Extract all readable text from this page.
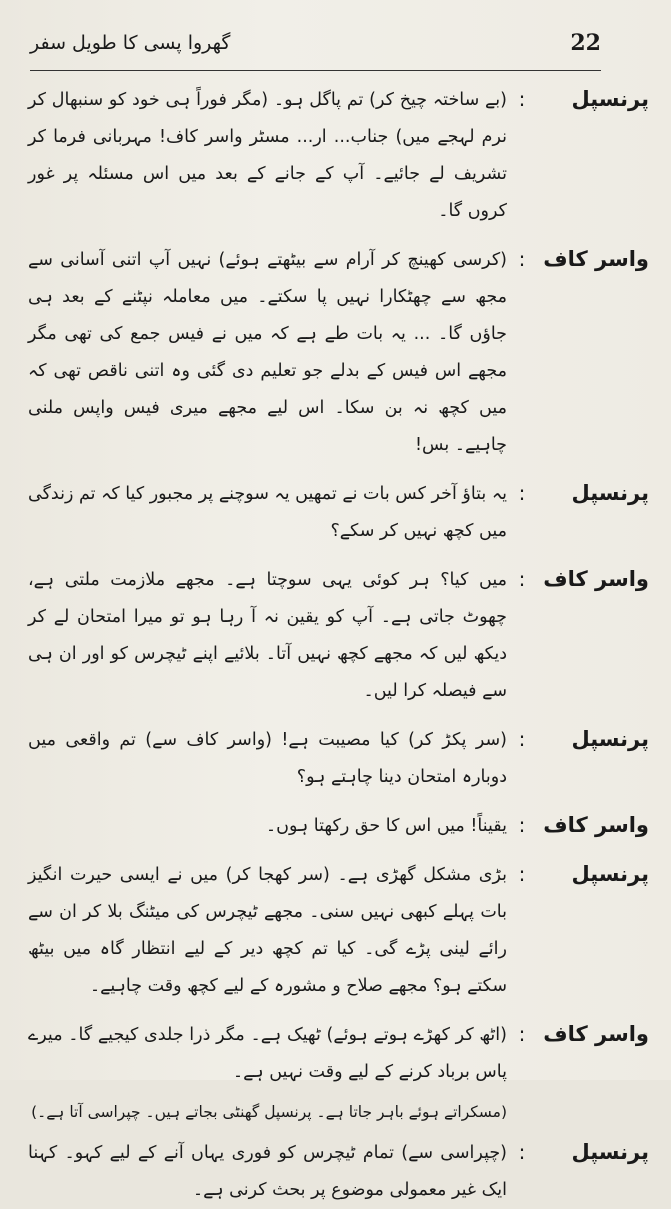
22
گھروا پسی کا طویل سفر
پرنسپل
:

(بے ساختہ چیخ کر) تم پاگل ہو۔ (مگر فوراً ہی خود کو سنبھال کر نرم لہجے میں) جناب... ار... مسٹر واسر کاف! مہربانی فرما کر تشریف لے جائیے۔ آپ کے جانے کے بعد میں اس مسئلہ پر غور کروں گا۔

واسر کاف
:

(کرسی کھینچ کر آرام سے بیٹھتے ہوئے) نہیں آپ اتنی آسانی سے مجھ سے چھٹکارا نہیں پا سکتے۔ میں معاملہ نپٹنے کے بعد ہی جاؤں گا۔ ... یہ بات طے ہے کہ میں نے فیس جمع کی تھی مگر مجھے اس فیس کے بدلے جو تعلیم دی گئی وہ اتنی ناقص تھی کہ میں کچھ نہ بن سکا۔ اس لیے مجھے میری فیس واپس ملنی چاہیے۔ بس!

پرنسپل
:

یہ بتاؤ آخر کس بات نے تمھیں یہ سوچنے پر مجبور کیا کہ تم زندگی میں کچھ نہیں کر سکے؟

واسر کاف
:

میں کیا؟ ہر کوئی یہی سوچتا ہے۔ مجھے ملازمت ملتی ہے، چھوٹ جاتی ہے۔ آپ کو یقین نہ آ رہا ہو تو میرا امتحان لے کر دیکھ لیں کہ مجھے کچھ نہیں آتا۔ بلائیے اپنے ٹیچرس کو اور ان ہی سے فیصلہ کرا لیں۔

پرنسپل
:

(سر پکڑ کر) کیا مصیبت ہے! (واسر کاف سے) تم واقعی میں دوبارہ امتحان دینا چاہتے ہو؟

واسر کاف
:

یقیناً! میں اس کا حق رکھتا ہوں۔

پرنسپل
:

بڑی مشکل گھڑی ہے۔ (سر کھجا کر) میں نے ایسی حیرت انگیز بات پہلے کبھی نہیں سنی۔ مجھے ٹیچرس کی میٹنگ بلا کر ان سے رائے لینی پڑے گی۔ کیا تم کچھ دیر کے لیے انتظار گاہ میں بیٹھ سکتے ہو؟ مجھے صلاح و مشورہ کے لیے کچھ وقت چاہیے۔

واسر کاف
:

(اٹھ کر کھڑے ہوتے ہوئے) ٹھیک ہے۔ مگر ذرا جلدی کیجیے گا۔ میرے پاس برباد کرنے کے لیے وقت نہیں ہے۔

(مسکراتے ہوئے باہر جاتا ہے۔ پرنسپل گھنٹی بجاتے ہیں۔ چپراسی آتا ہے۔)

پرنسپل
:

(چپراسی سے) تمام ٹیچرس کو فوری یہاں آنے کے لیے کہو۔ کہنا ایک غیر معمولی موضوع پر بحث کرنی ہے۔
